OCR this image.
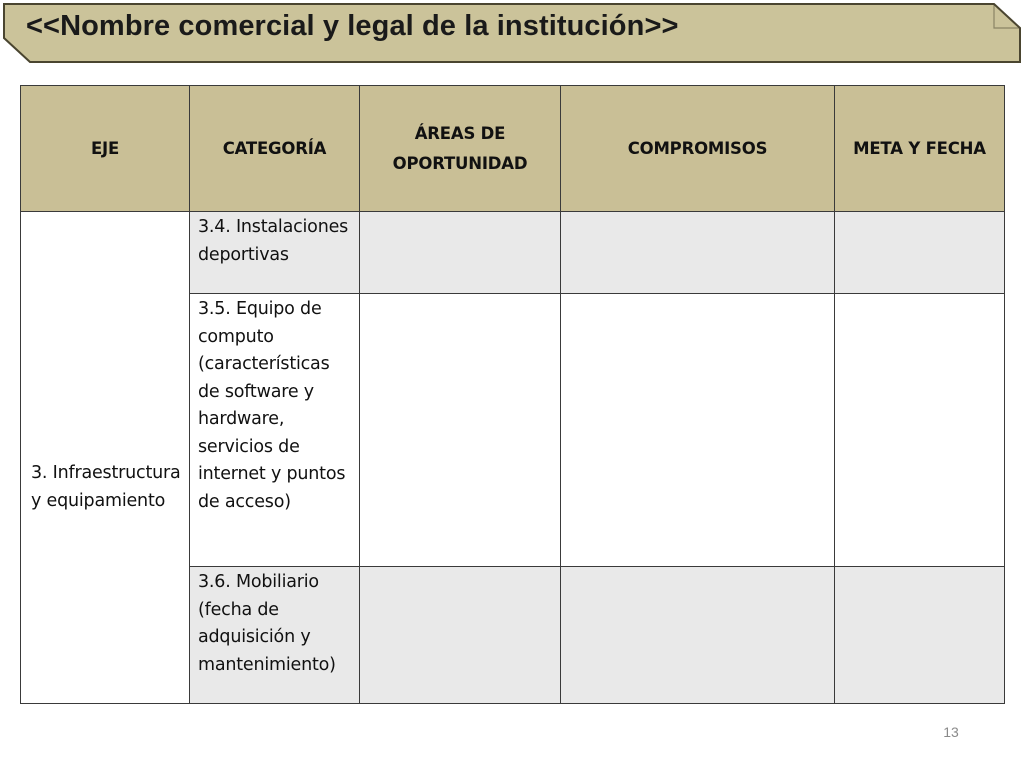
<<Nombre comercial y legal de la institución>>
EJE	CATEGORÍA	ÁREAS DE OPORTUNIDAD	COMPROMISOS	META Y FECHA

3. Infraestructura y equipamiento	3.4. Instalaciones deportivas			

	3.5. Equipo de computo (características de software y hardware, servicios de internet y puntos de acceso)			

	3.6. Mobiliario (fecha de adquisición y mantenimiento)			

13
